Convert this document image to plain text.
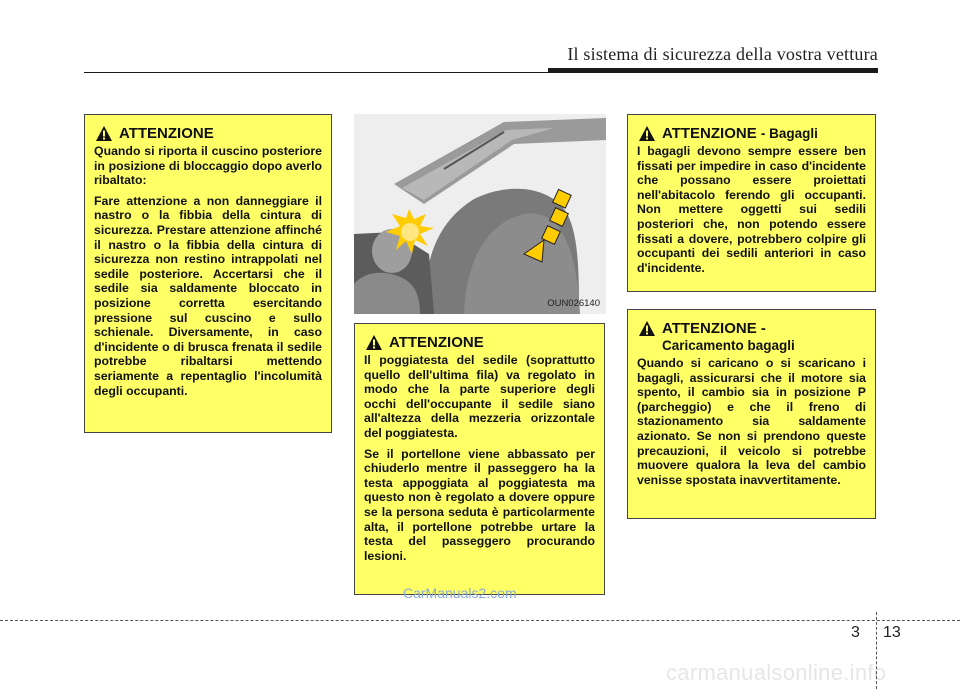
Il sistema di sicurezza della vostra vettura
ATTENZIONE

Quando si riporta il cuscino posteriore in posizione di bloccaggio dopo averlo ribaltato:

Fare attenzione a non danneggiare il nastro o la fibbia della cintura di sicurezza. Prestare attenzione affinché il nastro o la fibbia della cintura di sicurezza non restino intrappolati nel sedile posteriore. Accertarsi che il sedile sia saldamente bloccato in posizione corretta esercitando pressione sul cuscino e sullo schienale. Diversamente, in caso d'incidente o di brusca frenata il sedile potrebbe ribaltarsi mettendo seriamente a repentaglio l'incolumità degli occupanti.

OUN026140
ATTENZIONE

Il poggiatesta del sedile (soprattutto quello dell'ultima fila) va regolato in modo che la parte superiore degli occhi dell'occupante il sedile siano all'altezza della mezzeria orizzontale del poggiatesta.

Se il portellone viene abbassato per chiuderlo mentre il passeggero ha la testa appoggiata al poggiatesta ma questo non è regolato a dovere oppure se la persona seduta è particolarmente alta, il portellone potrebbe urtare la testa del passeggero procurando lesioni.

ATTENZIONE - Bagagli

I bagagli devono sempre essere ben fissati per impedire in caso d'incidente che possano essere proiettati nell'abitacolo ferendo gli occupanti. Non mettere oggetti sui sedili posteriori che, non potendo essere fissati a dovere, potrebbero colpire gli occupanti dei sedili anteriori in caso d'incidente.

ATTENZIONE -
Caricamento bagagli

Quando si caricano o si scaricano i bagagli, assicurarsi che il motore sia spento, il cambio sia in posizione P (parcheggio) e che il freno di stazionamento sia saldamente azionato. Se non si prendono queste precauzioni, il veicolo si potrebbe muovere qualora la leva del cambio venisse spostata inavvertitamente.

CarManuals2.com
carmanualsonline.info
3 13
